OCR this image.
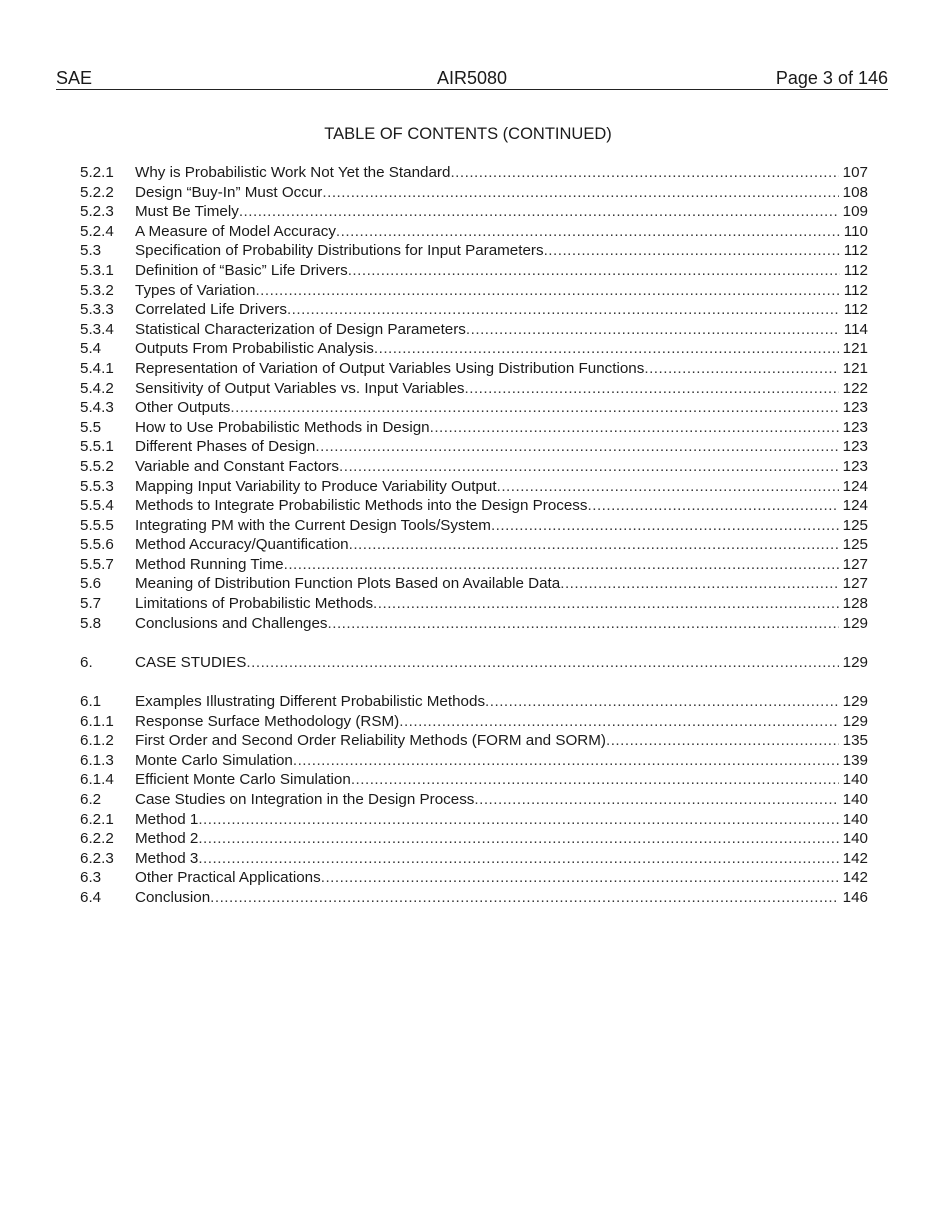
SAE	AIR5080	Page 3 of 146
TABLE OF CONTENTS (CONTINUED)
5.2.1	Why is Probabilistic Work Not Yet the Standard .....	107
5.2.2	Design “Buy-In” Must Occur .....	108
5.2.3	Must Be Timely .....	109
5.2.4	A Measure of Model Accuracy .....	110
5.3	Specification of Probability Distributions for Input Parameters .....	112
5.3.1	Definition of “Basic” Life Drivers .....	112
5.3.2	Types of Variation .....	112
5.3.3	Correlated Life Drivers .....	112
5.3.4	Statistical Characterization of Design Parameters .....	114
5.4	Outputs From Probabilistic Analysis .....	121
5.4.1	Representation of Variation of Output Variables Using Distribution Functions .....	121
5.4.2	Sensitivity of Output Variables vs. Input Variables .....	122
5.4.3	Other Outputs .....	123
5.5	How to Use Probabilistic Methods in Design .....	123
5.5.1	Different Phases of Design .....	123
5.5.2	Variable and Constant Factors .....	123
5.5.3	Mapping Input Variability to Produce Variability Output .....	124
5.5.4	Methods to Integrate Probabilistic Methods into the Design Process .....	124
5.5.5	Integrating PM with the Current Design Tools/System .....	125
5.5.6	Method Accuracy/Quantification .....	125
5.5.7	Method Running Time .....	127
5.6	Meaning of Distribution Function Plots Based on Available Data .....	127
5.7	Limitations of Probabilistic Methods .....	128
5.8	Conclusions and Challenges .....	129
6.	CASE STUDIES .....	129
6.1	Examples Illustrating Different Probabilistic Methods .....	129
6.1.1	Response Surface Methodology (RSM) .....	129
6.1.2	First Order and Second Order Reliability Methods (FORM and SORM) .....	135
6.1.3	Monte Carlo Simulation .....	139
6.1.4	Efficient Monte Carlo Simulation .....	140
6.2	Case Studies on Integration in the Design Process .....	140
6.2.1	Method 1 .....	140
6.2.2	Method 2 .....	140
6.2.3	Method 3 .....	142
6.3	Other Practical Applications .....	142
6.4	Conclusion .....	146
